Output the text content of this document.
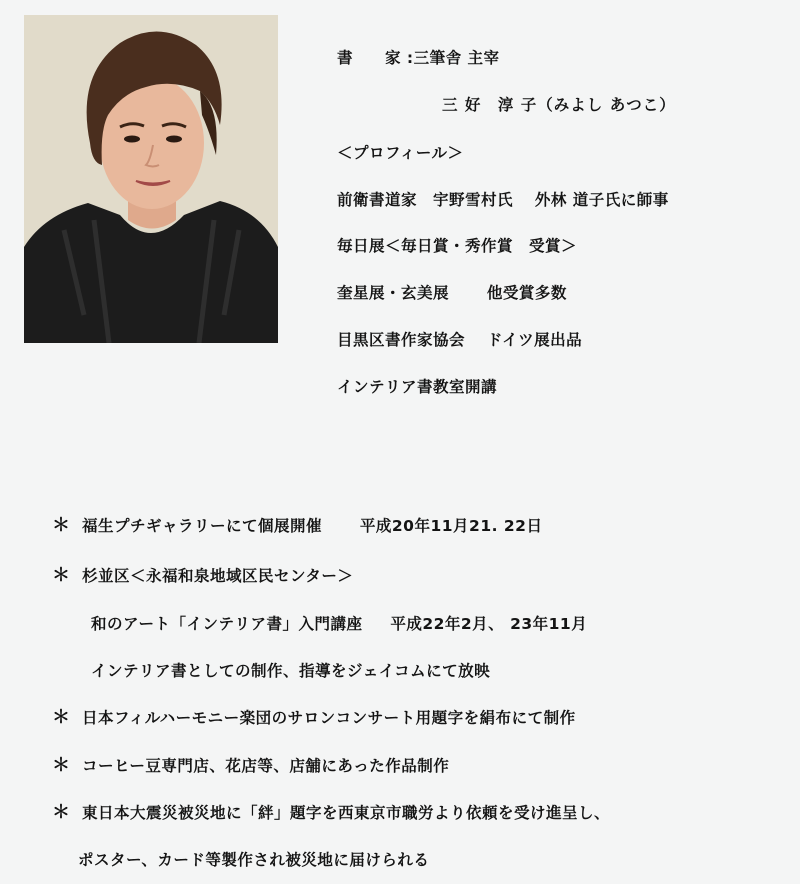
書　　家 :三筆舎 主宰
三 好　淳 子（みよし あつこ）
＜プロフィール＞
前衛書道家　宇野雪村氏　 外林 道子氏に師事
毎日展＜毎日賞・秀作賞　受賞＞
奎星展・玄美展　　 他受賞多数
目黒区書作家協会　 ドイツ展出品
インテリア書教室開講
＊ 福生プチギャラリーにて個展開催　　 平成20年11月21. 22日
＊ 杉並区＜永福和泉地域区民センター＞
和のアート「インテリア書」入門講座 　 平成22年2月、 23年11月
インテリア書としての制作、指導をジェイコムにて放映
＊ 日本フィルハーモニー楽団のサロンコンサート用題字を絹布にて制作
＊ コーヒー豆専門店、花店等、店舗にあった作品制作
＊ 東日本大震災被災地に「絆」題字を西東京市職労より依頼を受け進呈し、
ポスター、カード等製作され被災地に届けられる
